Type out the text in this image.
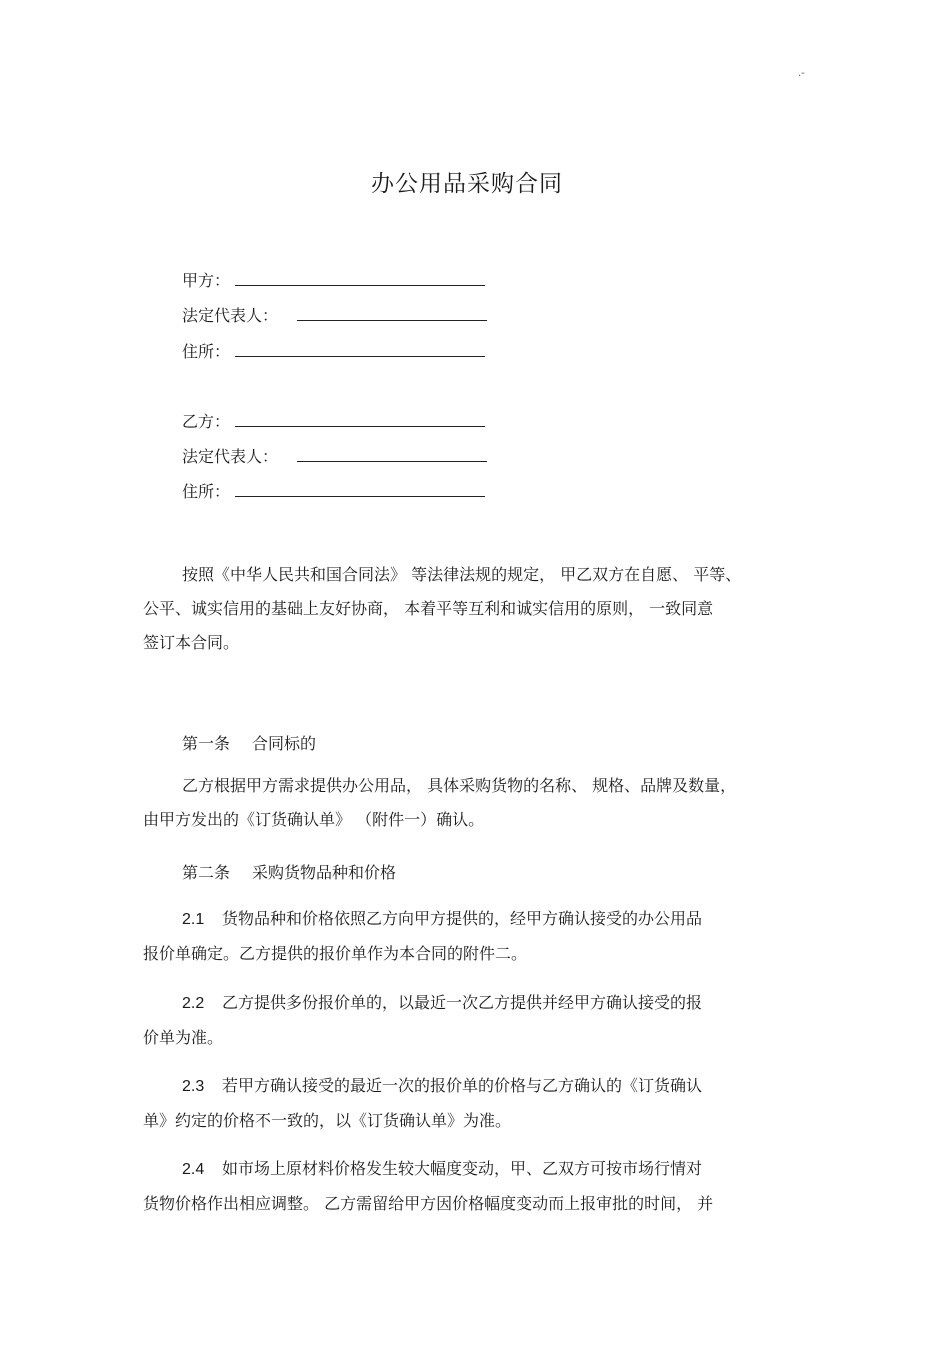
.-
办公用品采购合同
甲方：
法定代表人：
住所：
乙方：
法定代表人：
住所：
按照《中华人民共和国合同法》 等法律法规的规定， 甲乙双方在自愿、 平等、
公平、诚实信用的基础上友好协商， 本着平等互利和诚实信用的原则， 一致同意
签订本合同。
第一条 合同标的
乙方根据甲方需求提供办公用品， 具体采购货物的名称、 规格、品牌及数量，
由甲方发出的《订货确认单》 （附件一）确认。
第二条 采购货物品种和价格
2.1 货物品种和价格依照乙方向甲方提供的，经甲方确认接受的办公用品
报价单确定。乙方提供的报价单作为本合同的附件二。
2.2 乙方提供多份报价单的，以最近一次乙方提供并经甲方确认接受的报
价单为准。
2.3 若甲方确认接受的最近一次的报价单的价格与乙方确认的《订货确认
单》约定的价格不一致的，以《订货确认单》为准。
2.4 如市场上原材料价格发生较大幅度变动，甲、乙双方可按市场行情对
货物价格作出相应调整。 乙方需留给甲方因价格幅度变动而上报审批的时间， 并
